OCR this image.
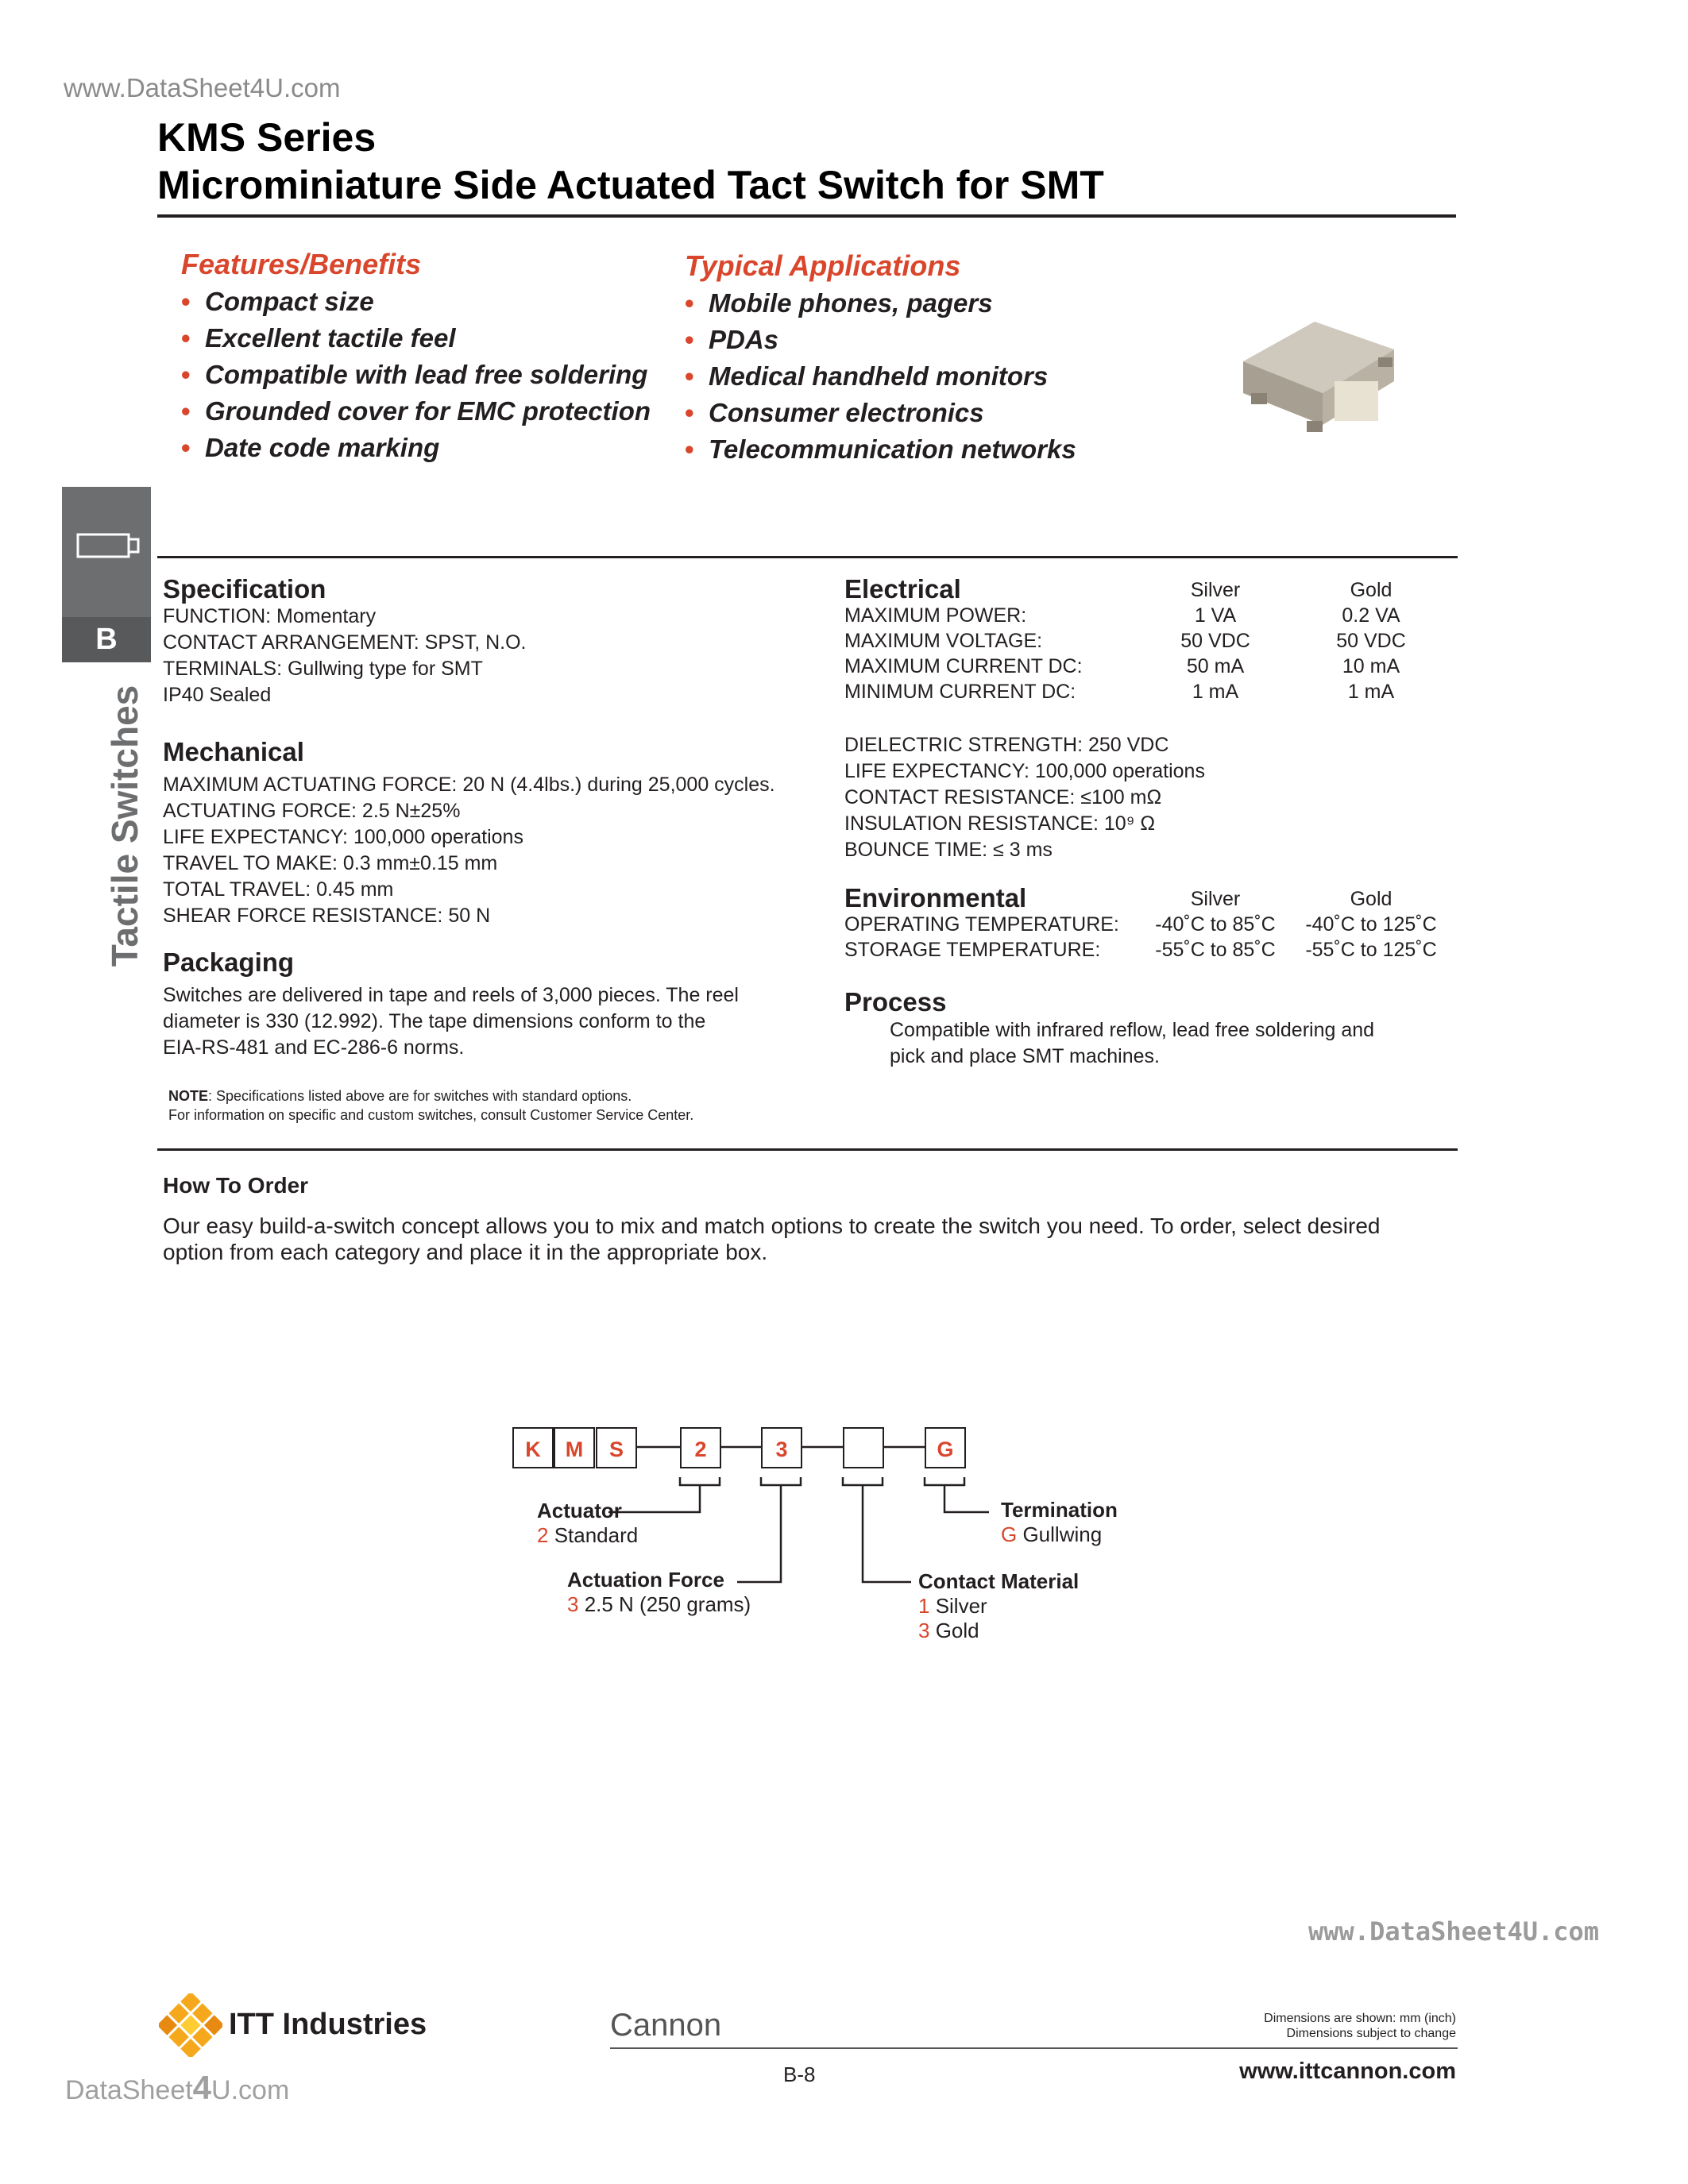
www.DataSheet4U.com
KMS Series
Microminiature Side Actuated Tact Switch for SMT
Features/Benefits
• Compact size
• Excellent tactile feel
• Compatible with lead free soldering
• Grounded cover for EMC protection
• Date code marking
Typical Applications
• Mobile phones, pagers
• PDAs
• Medical handheld monitors
• Consumer electronics
• Telecommunication networks
B
Tactile Switches
Specification
FUNCTION: Momentary
CONTACT ARRANGEMENT: SPST, N.O.
TERMINALS: Gullwing type for SMT
IP40 Sealed
Mechanical
MAXIMUM ACTUATING FORCE: 20 N (4.4lbs.) during 25,000 cycles.
ACTUATING FORCE: 2.5 N±25%
LIFE EXPECTANCY: 100,000 operations
TRAVEL TO MAKE: 0.3 mm±0.15 mm
TOTAL TRAVEL: 0.45 mm
SHEAR FORCE RESISTANCE: 50 N
Packaging
Switches are delivered in tape and reels of 3,000 pieces. The reel
diameter is 330 (12.992). The tape dimensions conform to the
EIA-RS-481 and EC-286-6 norms.
NOTE: Specifications listed above are for switches with standard options.
For information on specific and custom switches, consult Customer Service Center.
Electrical	Silver	Gold
MAXIMUM POWER:	1 VA	0.2 VA
MAXIMUM VOLTAGE:	50 VDC	50 VDC
MAXIMUM CURRENT DC:	50 mA	10 mA
MINIMUM CURRENT DC:	1 mA	1 mA
DIELECTRIC STRENGTH: 250 VDC
LIFE EXPECTANCY: 100,000 operations
CONTACT RESISTANCE: ≤100 mΩ
INSULATION RESISTANCE: 10⁹ Ω
BOUNCE TIME: ≤ 3 ms
Environmental	Silver	Gold
OPERATING TEMPERATURE:	-40˚C to 85˚C	-40˚C to 125˚C
STORAGE TEMPERATURE:	-55˚C to 85˚C	-55˚C to 125˚C
Process
Compatible with infrared reflow, lead free soldering and
pick and place SMT machines.
How To Order
Our easy build-a-switch concept allows you to mix and match options to create the switch you need. To order, select desired
option from each category and place it in the appropriate box.
K	M	S	2	3	G
Actuator
2 Standard
Actuation Force
3 2.5 N (250 grams)
Contact Material
1 Silver
3 Gold
Termination
G Gullwing
www.DataSheet4U.com
ITT Industries	Cannon	Dimensions are shown: mm (inch)
Dimensions subject to change
www.ittcannon.com
B-8
DataSheet4U.com
